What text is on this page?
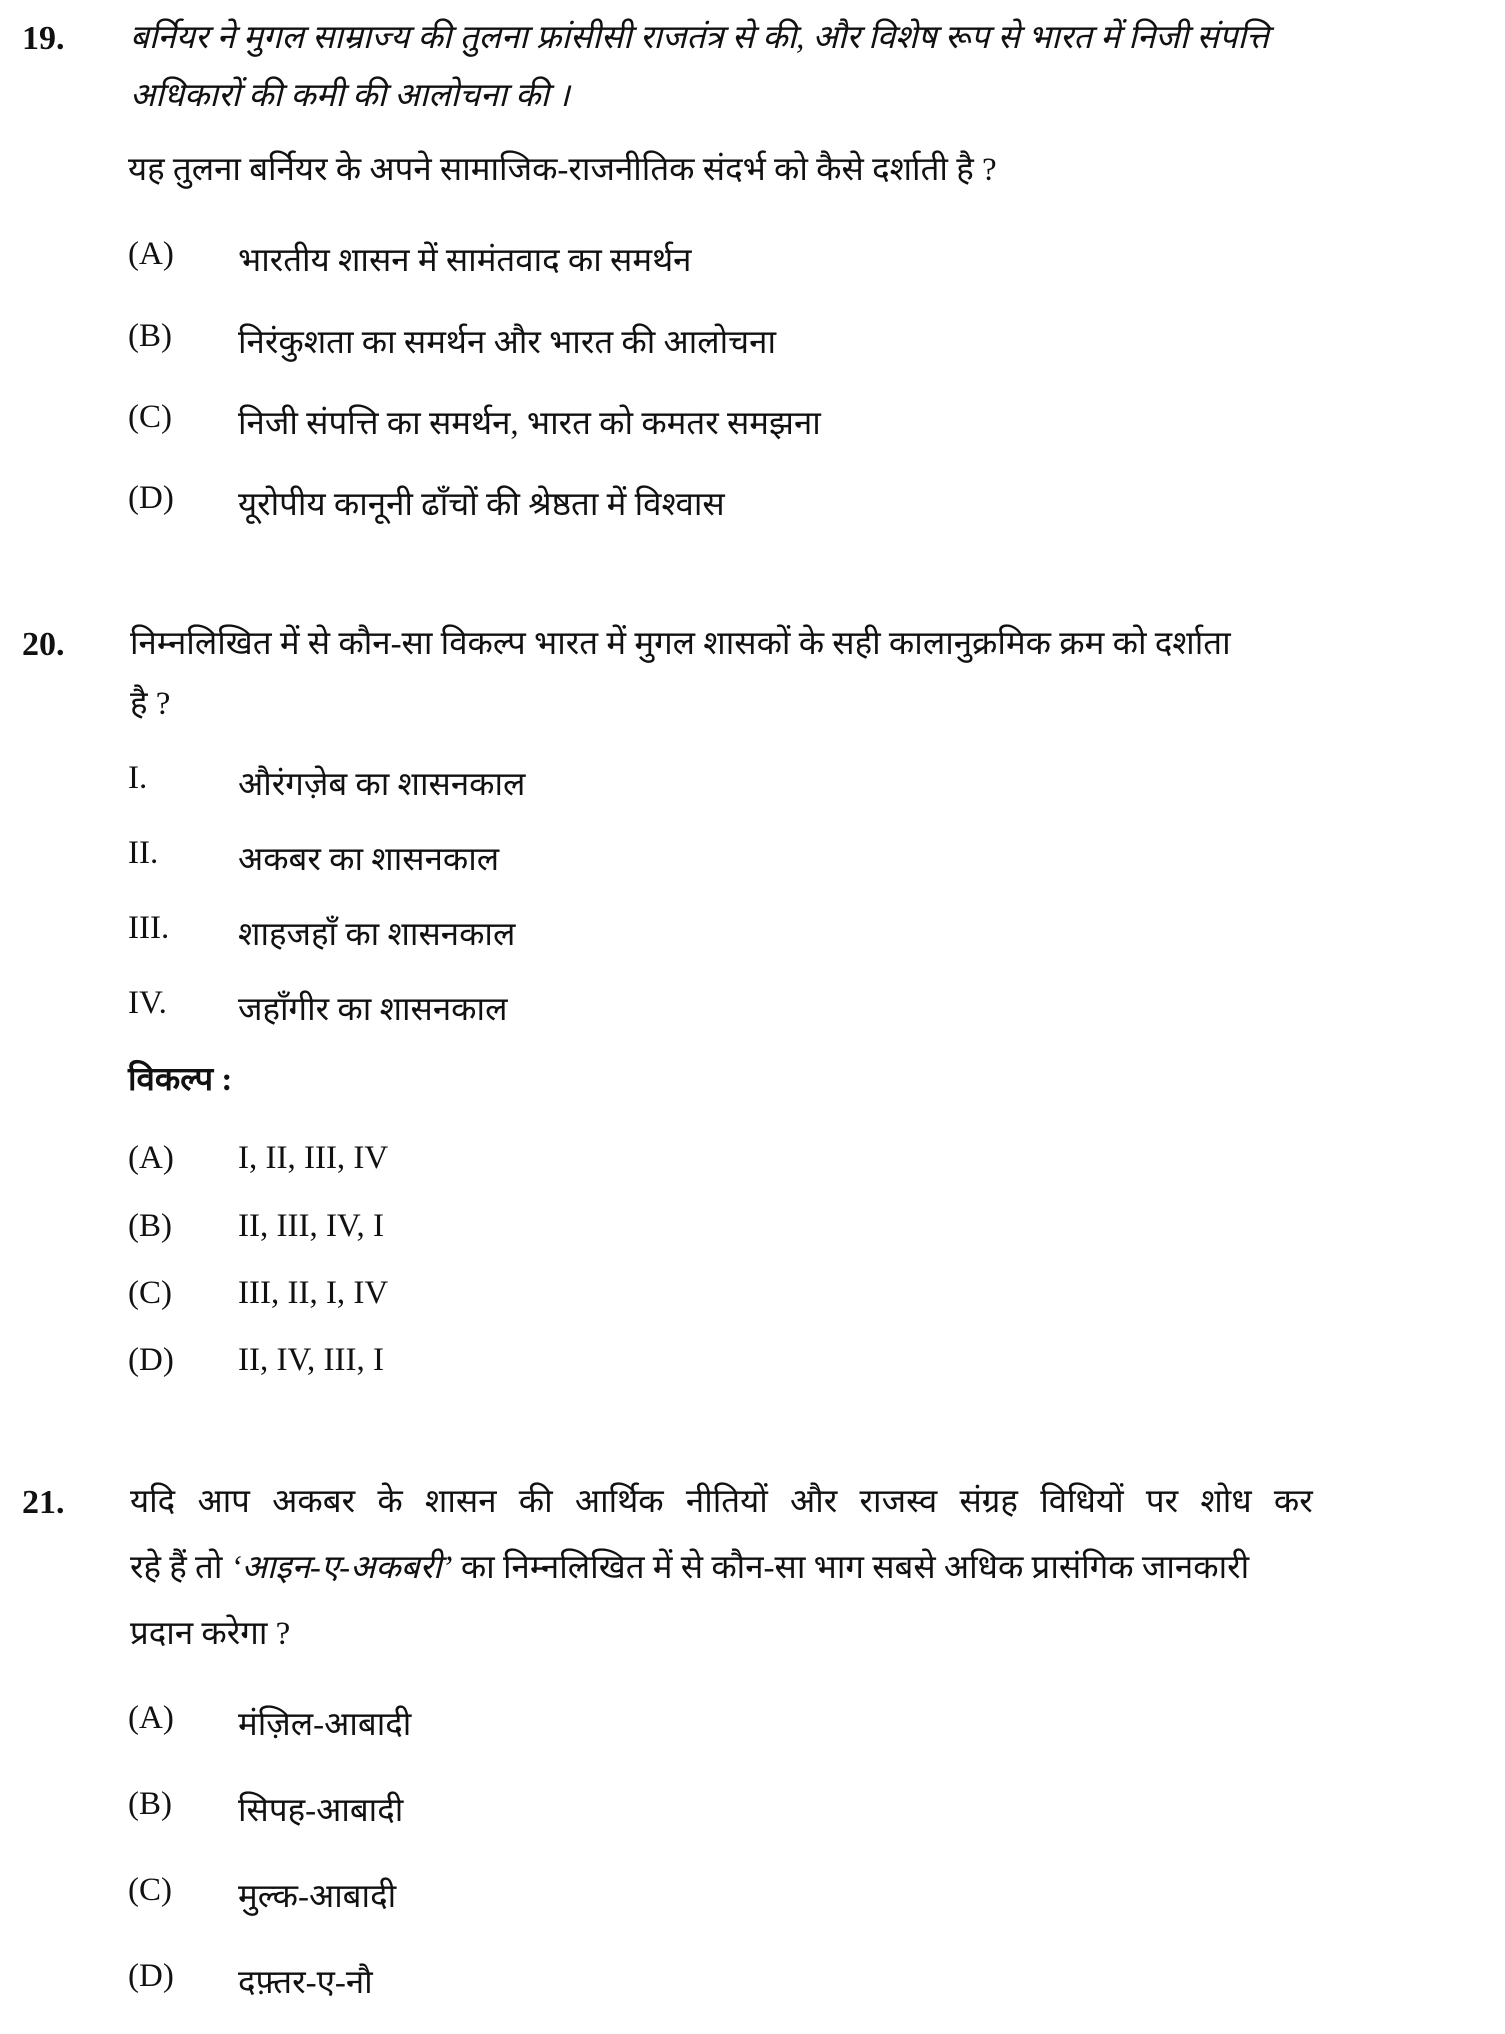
19. बर्नियर ने मुगल साम्राज्य की तुलना फ्रांसीसी राजतंत्र से की, और विशेष रूप से भारत में निजी संपत्ति
अधिकारों की कमी की आलोचना की ।
यह तुलना बर्नियर के अपने सामाजिक-राजनीतिक संदर्भ को कैसे दर्शाती है ?
(A) भारतीय शासन में सामंतवाद का समर्थन
(B) निरंकुशता का समर्थन और भारत की आलोचना
(C) निजी संपत्ति का समर्थन, भारत को कमतर समझना
(D) यूरोपीय कानूनी ढाँचों की श्रेष्ठता में विश्वास
20. निम्नलिखित में से कौन-सा विकल्प भारत में मुगल शासकों के सही कालानुक्रमिक क्रम को दर्शाता
है ?
I.	औरंगज़ेब का शासनकाल
II. अकबर का शासनकाल
III. शाहजहाँ का शासनकाल
IV. जहाँगीर का शासनकाल
विकल्प :
(A) I, II, III, IV
(B) II, III, IV, I
(C) III, II, I, IV
(D) II, IV, III, I
21. यदि आप अकबर के शासन की आर्थिक नीतियों और राजस्व संग्रह विधियों पर शोध कर
रहे हैं तो ‘आइन-ए-अकबरी’ का निम्नलिखित में से कौन-सा भाग सबसे अधिक प्रासंगिक जानकारी
प्रदान करेगा ?
(A) मंज़िल-आबादी
(B) सिपह-आबादी
(C) मुल्क-आबादी
(D) दफ़्तर-ए-नौ
